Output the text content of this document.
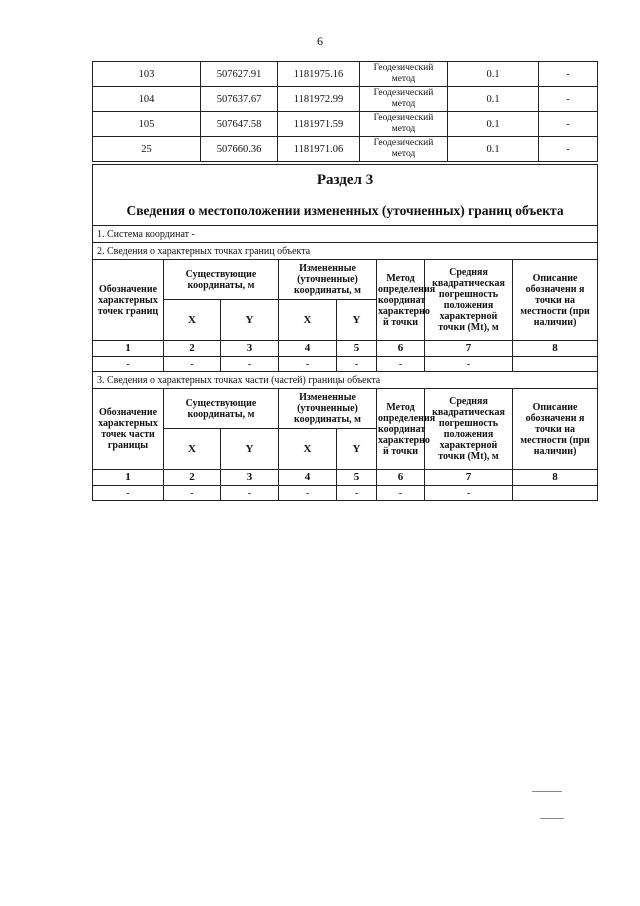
6
103	507627.91	1181975.16	Геодезический метод	0.1	-
104	507637.67	1181972.99	Геодезический метод	0.1	-
105	507647.58	1181971.59	Геодезический метод	0.1	-
25	507660.36	1181971.06	Геодезический метод	0.1	-
Раздел 3							
Сведения о местоположении измененных (уточненных) границ объекта							
1. Система координат -							
2. Сведения о характерных точках границ объекта							
Обозначение характерных точек границ	Существующие координаты, м		Измененные (уточненные) координаты, м		Метод определения координат характерно й точки	Средняя квадратическая погрешность положения характерной точки (Mt), м	Описание обозначени я точки на местности (при наличии)
	X	Y	X	Y			
1	2	3	4	5	6	7	8
-	-	-	-	-	-	-	
3. Сведения о характерных точках части (частей) границы объекта							
Обозначение характерных точек части границы	Существующие координаты, м		Измененные (уточненные) координаты, м		Метод определения координат характерно й точки	Средняя квадратическая погрешность положения характерной точки (Mt), м	Описание обозначени я точки на местности (при наличии)
	X	Y	X	Y			
1	2	3	4	5	6	7	8
-	-	-	-	-	-	-	
